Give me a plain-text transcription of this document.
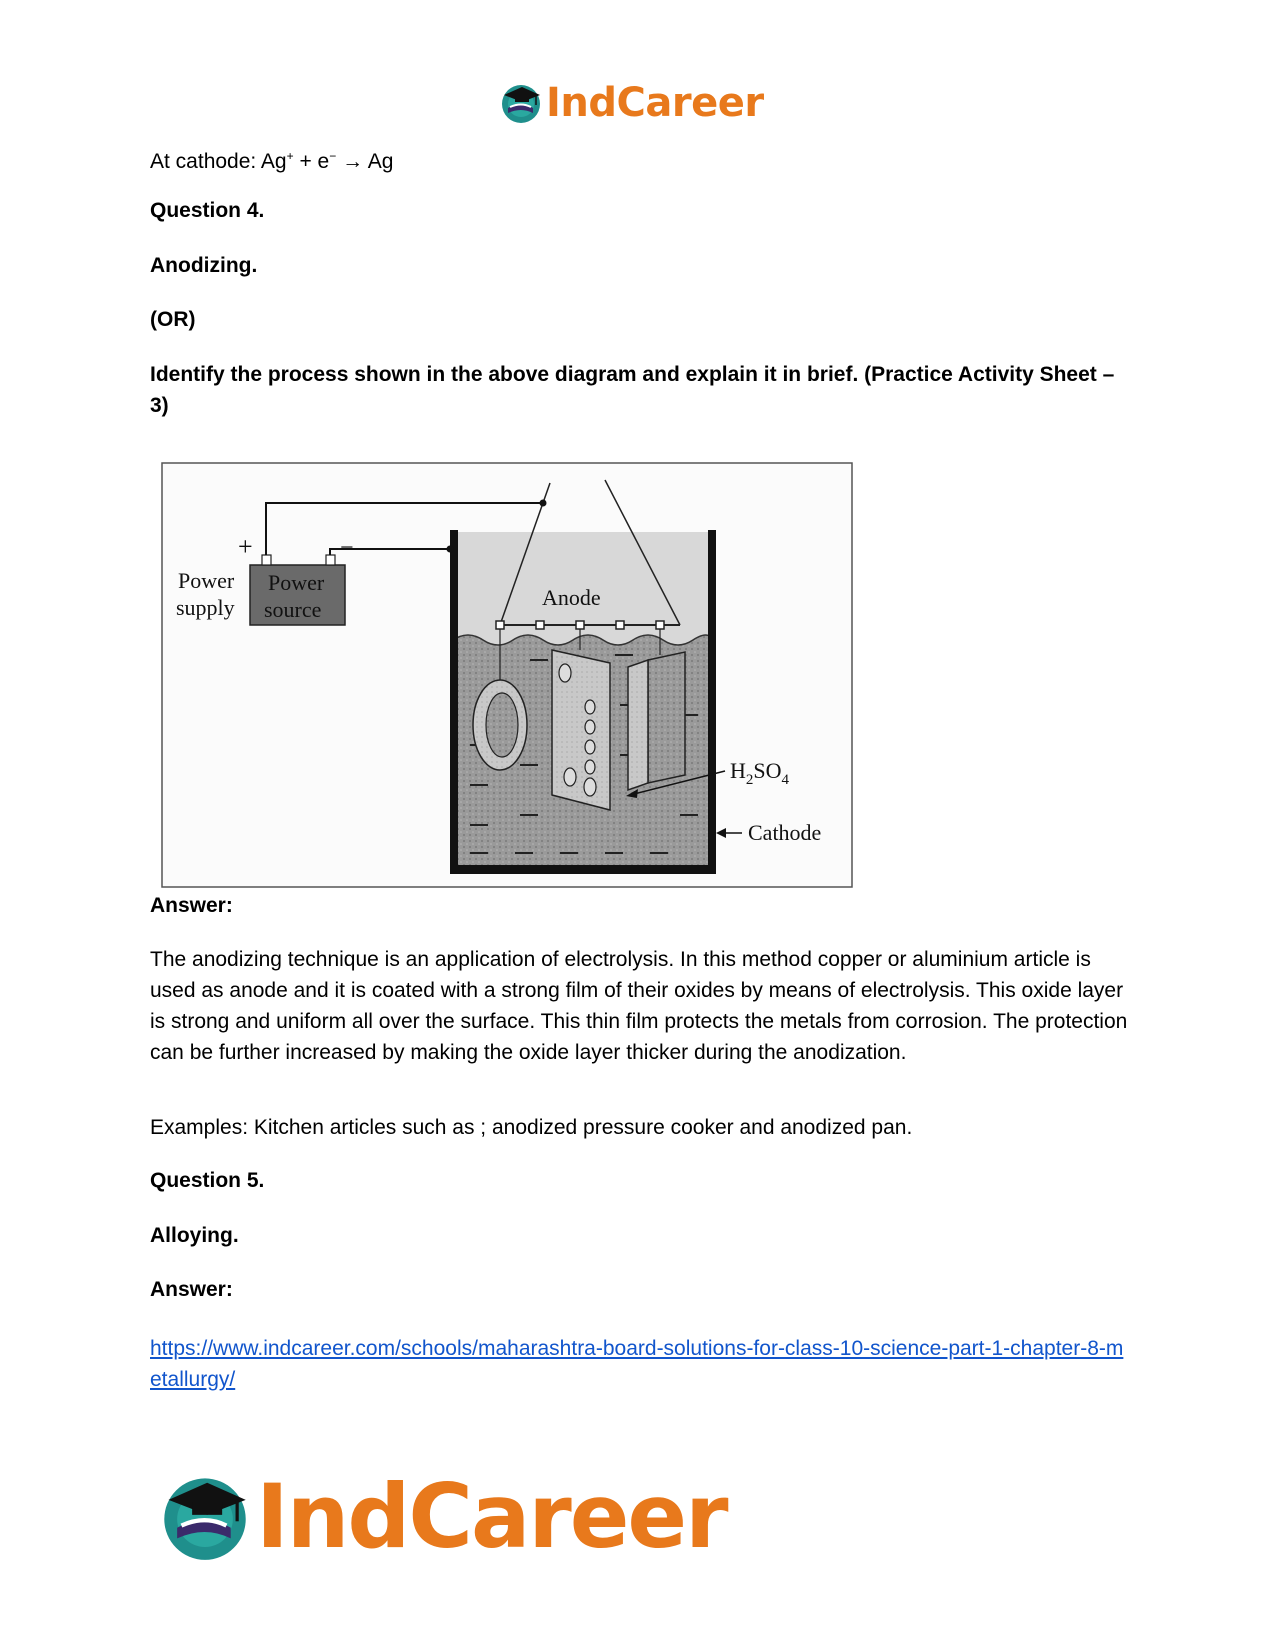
IndCareer
At cathode: Ag+ + e− → Ag
Question 4.
Anodizing.
(OR)
Identify the process shown in the above diagram and explain it in brief. (Practice Activity Sheet – 3)
Power
source
+	−
Power
supply	Anode
$H_2SO_4$
Cathode
Answer:
The anodizing technique is an application of electrolysis. In this method copper or aluminium article is used as anode and it is coated with a strong film of their oxides by means of electrolysis. This oxide layer is strong and uniform all over the surface. This thin film protects the metals from corrosion. The protection can be further increased by making the oxide layer thicker during the anodization.
Examples: Kitchen articles such as ; anodized pressure cooker and anodized pan.
Question 5.
Alloying.
Answer:
https://www.indcareer.com/schools/maharashtra-board-solutions-for-class-10-science-part-1-chapter-8-metallurgy/
IndCareer
